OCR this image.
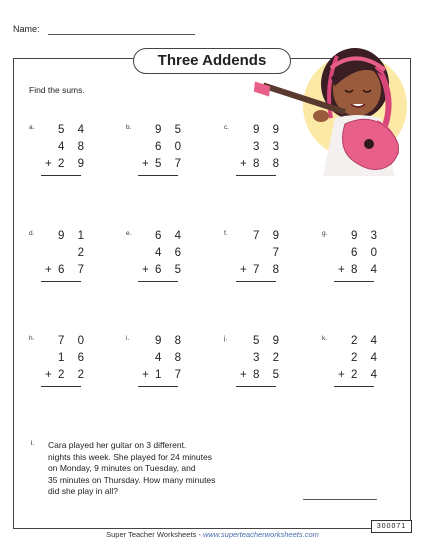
Name:
Three Addends
Find the sums.
a. 5 4
4 8
+ 2 9
b. 9 5
6 0
+ 5 7
c. 9 9
3 3
+ 8 8
d. 9 1
2
+ 6 7
e. 6 4
4 6
+ 6 5
f. 7 9
7
+ 7 8
g. 9 3
6 0
+ 8 4
h. 7 0
1 6
+ 2 2
i. 9 8
4 8
+ 1 7
j. 5 9
3 2
+ 8 5
k. 2 4
2 4
+ 2 4
l. Cara played her guitar on 3 different.
nights this week. She played for 24 minutes
on Monday, 9 minutes on Tuesday, and
35 minutes on Thursday. How many minutes
did she play in all?
300071
Super Teacher Worksheets - www.superteacherworksheets.com
